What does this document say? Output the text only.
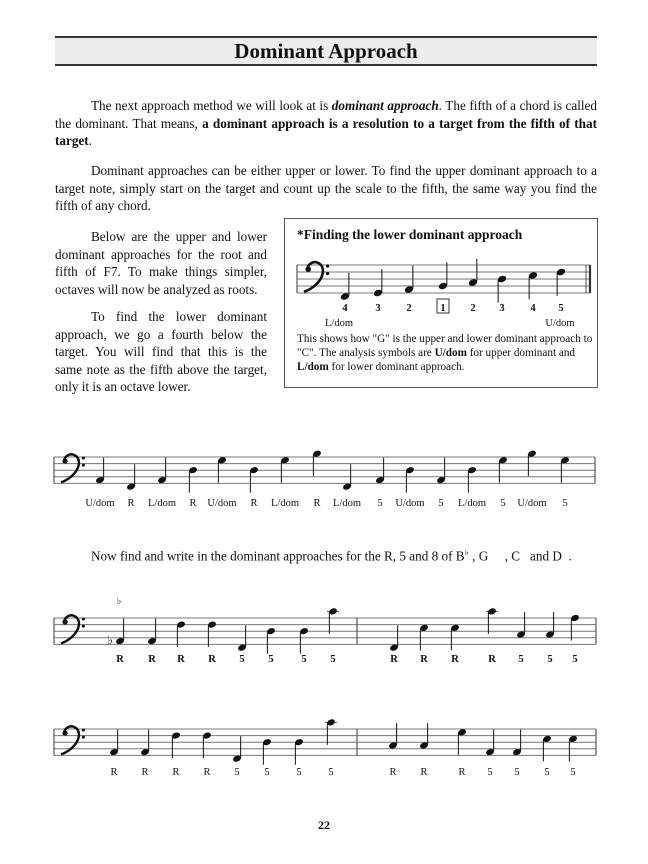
Dominant Approach

The next approach method we will look at is dominant approach. The fifth of a chord is called the dominant. That means, a dominant approach is a resolution to a target from the fifth of that target.

Dominant approaches can be either upper or lower. To find the upper dominant approach to a target note, simply start on the target and count up the scale to the fifth, the same way you find the fifth of any chord.

Below are the upper and lower dominant approaches for the root and fifth of F7. To make things simpler, octaves will now be analyzed as roots.

To find the lower dominant approach, we go a fourth below the target. You will find that this is the same note as the fifth above the target, only it is an octave lower.

*Finding the lower dominant approach

This shows how "G" is the upper and lower dominant approach to "C". The analysis symbols are U/dom for upper dominant and L/dom for lower dominant approach.

Now find and write in the dominant approaches for the R, 5 and 8 of B♭ , G     , C   and D  .
22
4	3 2	1 2 3 4 5
L/dom	U/dom
U/dom R L/dom R U/dom R L/dom R L/dom 5 U/dom 5 L/dom 5 U/dom 5
♭
♭
R R R R 5 5	5 5	R R R	R 5 5 5
R R R R 5 5	5	5	R R	R 5 5 5 5
